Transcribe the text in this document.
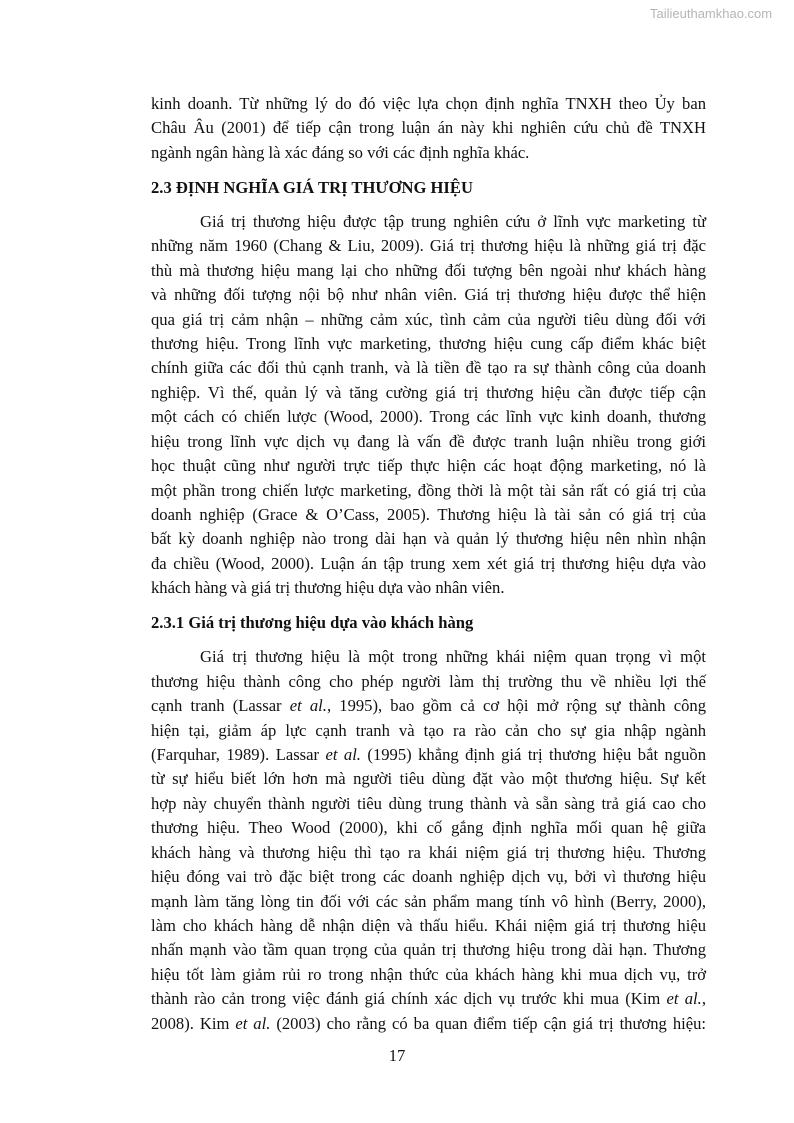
Tailieuthamkhao.com
kinh doanh. Từ những lý do đó việc lựa chọn định nghĩa TNXH theo Ủy ban
Châu Âu (2001) để tiếp cận trong luận án này khi nghiên cứu chủ đề TNXH
ngành ngân hàng là xác đáng so với các định nghĩa khác.
2.3 ĐỊNH NGHĨA GIÁ TRỊ THƯƠNG HIỆU
Giá trị thương hiệu được tập trung nghiên cứu ở lĩnh vực marketing từ
những năm 1960 (Chang & Liu, 2009). Giá trị thương hiệu là những giá trị đặc
thù mà thương hiệu mang lại cho những đối tượng bên ngoài như khách hàng
và những đối tượng nội bộ như nhân viên. Giá trị thương hiệu được thể hiện
qua giá trị cảm nhận – những cảm xúc, tình cảm của người tiêu dùng đối với
thương hiệu. Trong lĩnh vực marketing, thương hiệu cung cấp điểm khác biệt
chính giữa các đối thủ cạnh tranh, và là tiền đề tạo ra sự thành công của doanh
nghiệp. Vì thế, quản lý và tăng cường giá trị thương hiệu cần được tiếp cận
một cách có chiến lược (Wood, 2000). Trong các lĩnh vực kinh doanh, thương
hiệu trong lĩnh vực dịch vụ đang là vấn đề được tranh luận nhiều trong giới
học thuật cũng như người trực tiếp thực hiện các hoạt động marketing, nó là
một phần trong chiến lược marketing, đồng thời là một tài sản rất có giá trị của
doanh nghiệp (Grace & O’Cass, 2005). Thương hiệu là tài sản có giá trị của
bất kỳ doanh nghiệp nào trong dài hạn và quản lý thương hiệu nên nhìn nhận
đa chiều (Wood, 2000). Luận án tập trung xem xét giá trị thương hiệu dựa vào
khách hàng và giá trị thương hiệu dựa vào nhân viên.
2.3.1 Giá trị thương hiệu dựa vào khách hàng
Giá trị thương hiệu là một trong những khái niệm quan trọng vì một
thương hiệu thành công cho phép người làm thị trường thu về nhiều lợi thế
cạnh tranh (Lassar et al., 1995), bao gồm cả cơ hội mở rộng sự thành công
hiện tại, giảm áp lực cạnh tranh và tạo ra rào cản cho sự gia nhập ngành
(Farquhar, 1989). Lassar et al. (1995) khẳng định giá trị thương hiệu bắt nguồn
từ sự hiểu biết lớn hơn mà người tiêu dùng đặt vào một thương hiệu. Sự kết
hợp này chuyển thành người tiêu dùng trung thành và sẵn sàng trả giá cao cho
thương hiệu. Theo Wood (2000), khi cố gắng định nghĩa mối quan hệ giữa
khách hàng và thương hiệu thì tạo ra khái niệm giá trị thương hiệu. Thương
hiệu đóng vai trò đặc biệt trong các doanh nghiệp dịch vụ, bởi vì thương hiệu
mạnh làm tăng lòng tin đối với các sản phẩm mang tính vô hình (Berry, 2000),
làm cho khách hàng dễ nhận diện và thấu hiểu. Khái niệm giá trị thương hiệu
nhấn mạnh vào tầm quan trọng của quản trị thương hiệu trong dài hạn. Thương
hiệu tốt làm giảm rủi ro trong nhận thức của khách hàng khi mua dịch vụ, trở
thành rào cản trong việc đánh giá chính xác dịch vụ trước khi mua (Kim et al.,
2008). Kim et al. (2003) cho rằng có ba quan điểm tiếp cận giá trị thương hiệu:
17
